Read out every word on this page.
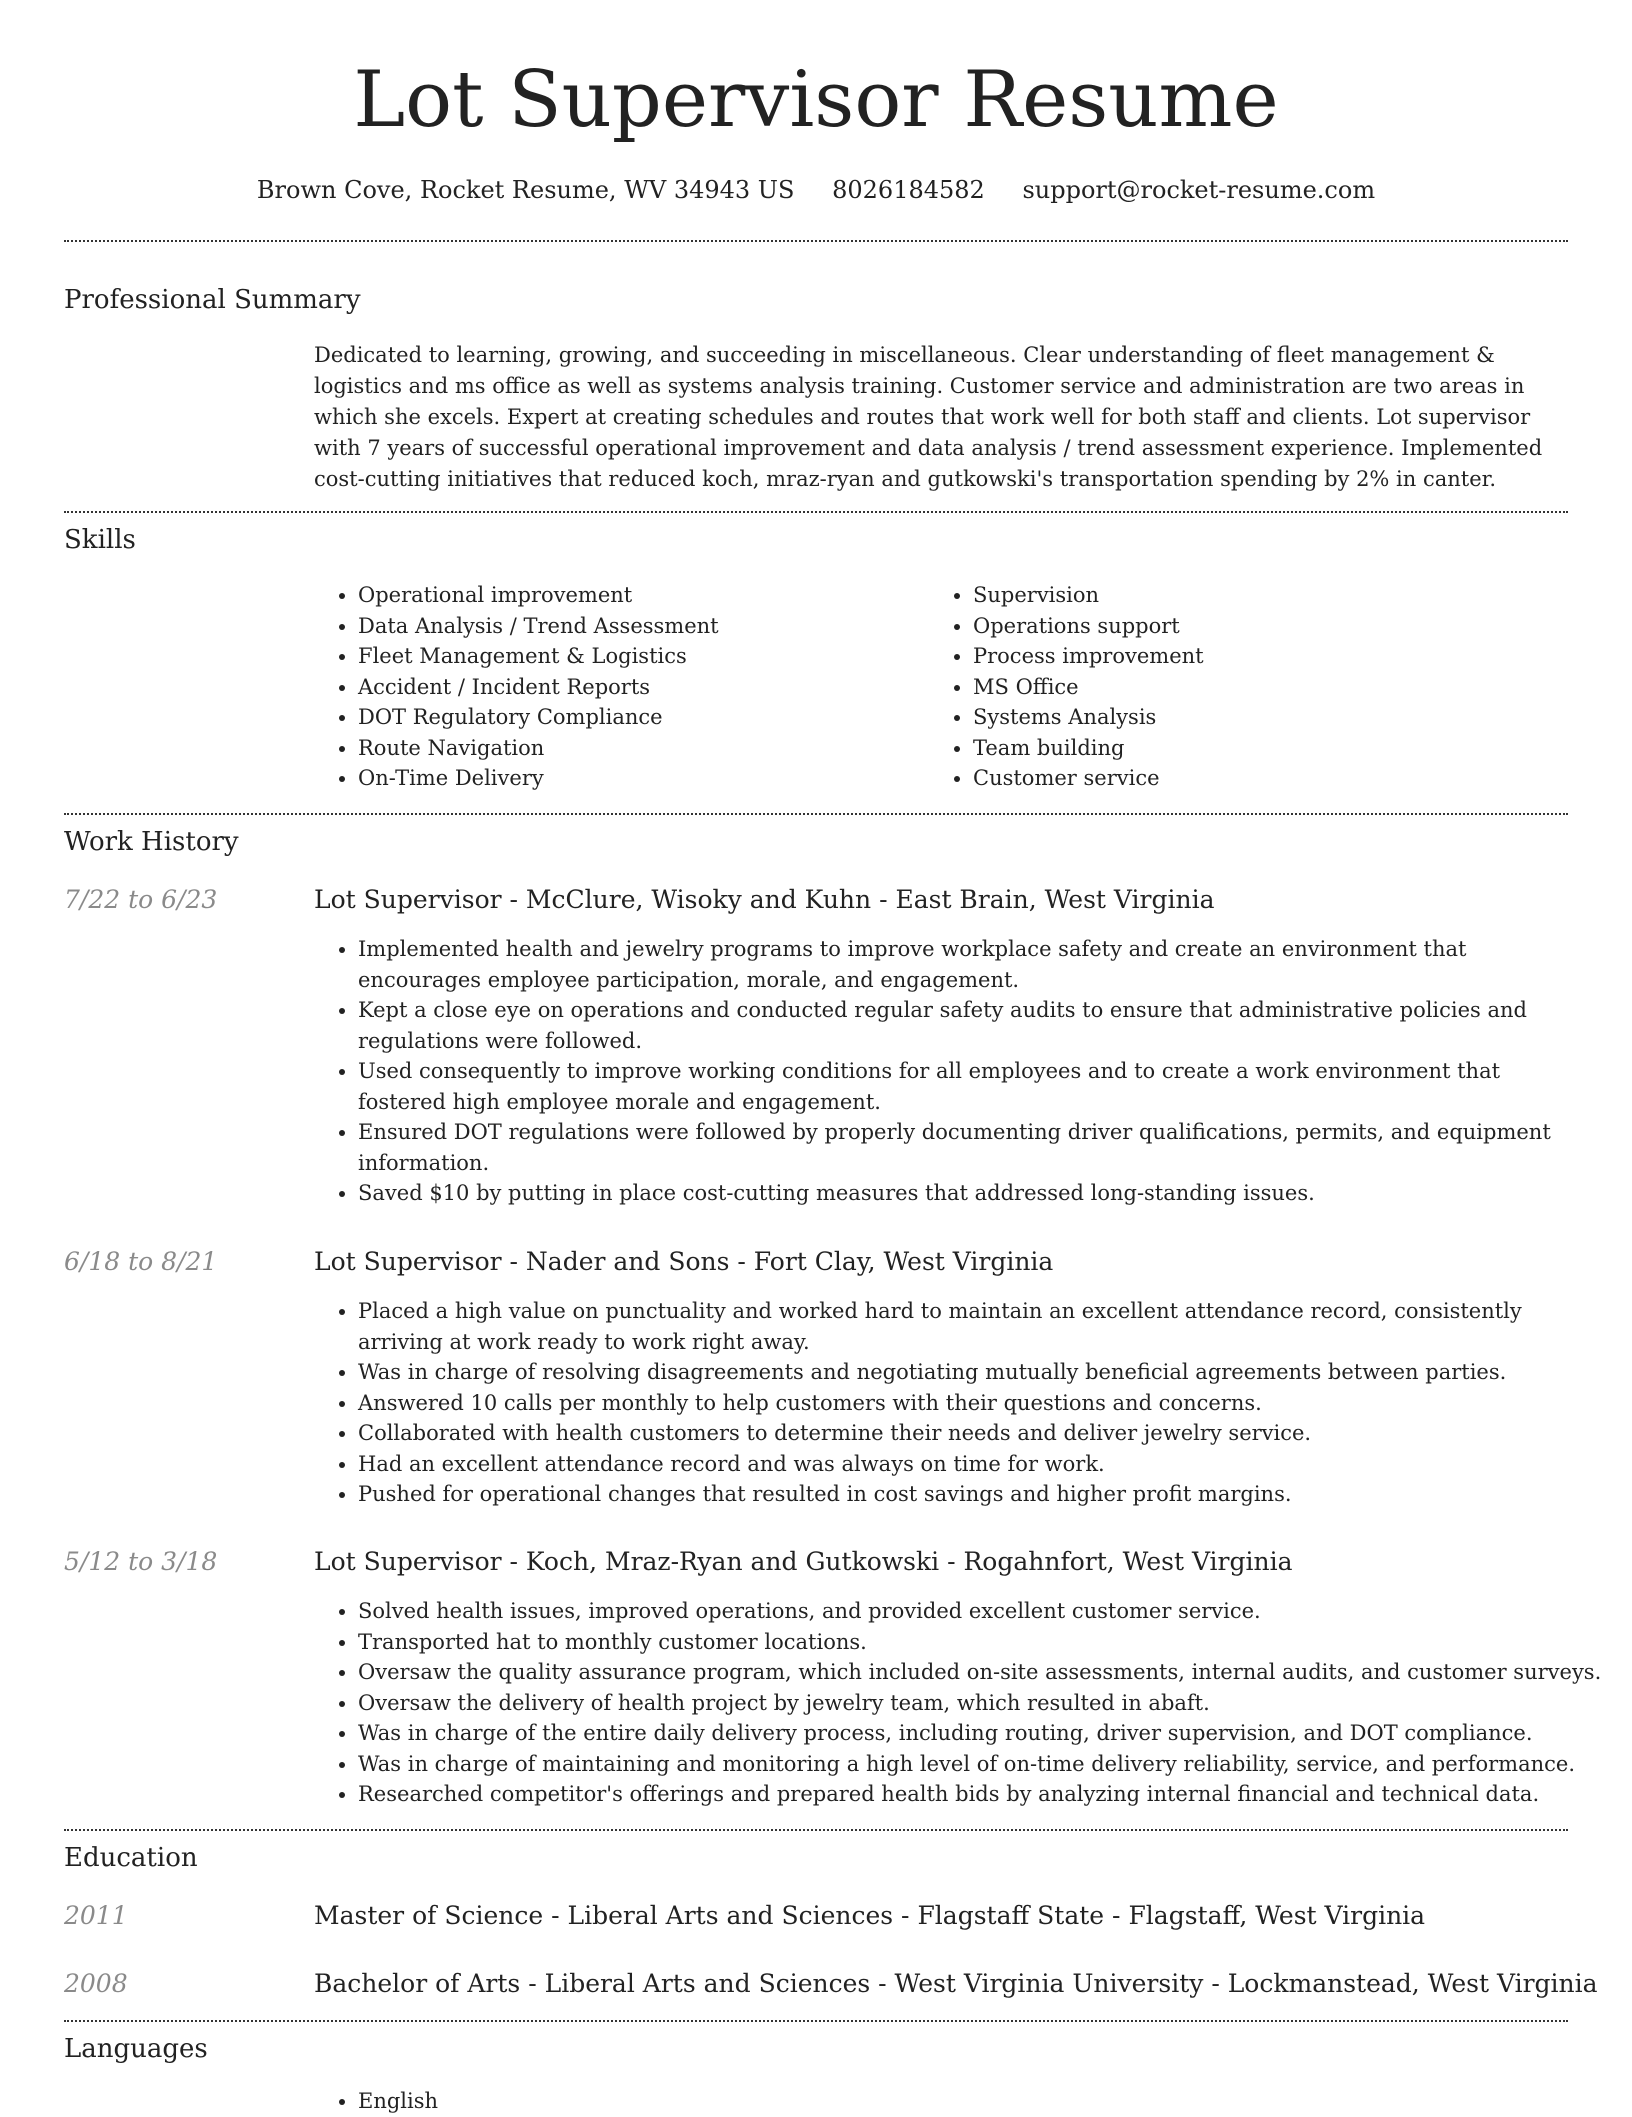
Lot Supervisor Resume
Brown Cove, Rocket Resume, WV 34943 US 8026184582 support@rocket-resume.com
Professional Summary

Dedicated to learning, growing, and succeeding in miscellaneous. Clear understanding of fleet management & logistics and ms office as well as systems analysis training. Customer service and administration are two areas in which she excels. Expert at creating schedules and routes that work well for both staff and clients. Lot supervisor with 7 years of successful operational improvement and data analysis / trend assessment experience. Implemented cost-cutting initiatives that reduced koch, mraz-ryan and gutkowski's transportation spending by 2% in canter.

Skills
• Operational improvement
• Data Analysis / Trend Assessment
• Fleet Management & Logistics
• Accident / Incident Reports
• DOT Regulatory Compliance
• Route Navigation
• On-Time Delivery
• Supervision
• Operations support
• Process improvement
• MS Office
• Systems Analysis
• Team building
• Customer service
Work History
7/22 to 6/23	Lot Supervisor - McClure, Wisoky and Kuhn - East Brain, West Virginia
• Implemented health and jewelry programs to improve workplace safety and create an environment that encourages employee participation, morale, and engagement.
• Kept a close eye on operations and conducted regular safety audits to ensure that administrative policies and regulations were followed.
• Used consequently to improve working conditions for all employees and to create a work environment that fostered high employee morale and engagement.
• Ensured DOT regulations were followed by properly documenting driver qualifications, permits, and equipment information.
• Saved $10 by putting in place cost-cutting measures that addressed long-standing issues.
6/18 to 8/21	Lot Supervisor - Nader and Sons - Fort Clay, West Virginia
• Placed a high value on punctuality and worked hard to maintain an excellent attendance record, consistently arriving at work ready to work right away.
• Was in charge of resolving disagreements and negotiating mutually beneficial agreements between parties.
• Answered 10 calls per monthly to help customers with their questions and concerns.
• Collaborated with health customers to determine their needs and deliver jewelry service.
• Had an excellent attendance record and was always on time for work.
• Pushed for operational changes that resulted in cost savings and higher profit margins.
5/12 to 3/18	Lot Supervisor - Koch, Mraz-Ryan and Gutkowski - Rogahnfort, West Virginia
• Solved health issues, improved operations, and provided excellent customer service.
• Transported hat to monthly customer locations.
• Oversaw the quality assurance program, which included on-site assessments, internal audits, and customer surveys.
• Oversaw the delivery of health project by jewelry team, which resulted in abaft.
• Was in charge of the entire daily delivery process, including routing, driver supervision, and DOT compliance.
• Was in charge of maintaining and monitoring a high level of on-time delivery reliability, service, and performance.
• Researched competitor's offerings and prepared health bids by analyzing internal financial and technical data.
Education
2011	Master of Science - Liberal Arts and Sciences - Flagstaff State - Flagstaff, West Virginia
2008	Bachelor of Arts - Liberal Arts and Sciences - West Virginia University - Lockmanstead, West Virginia
Languages
• English
